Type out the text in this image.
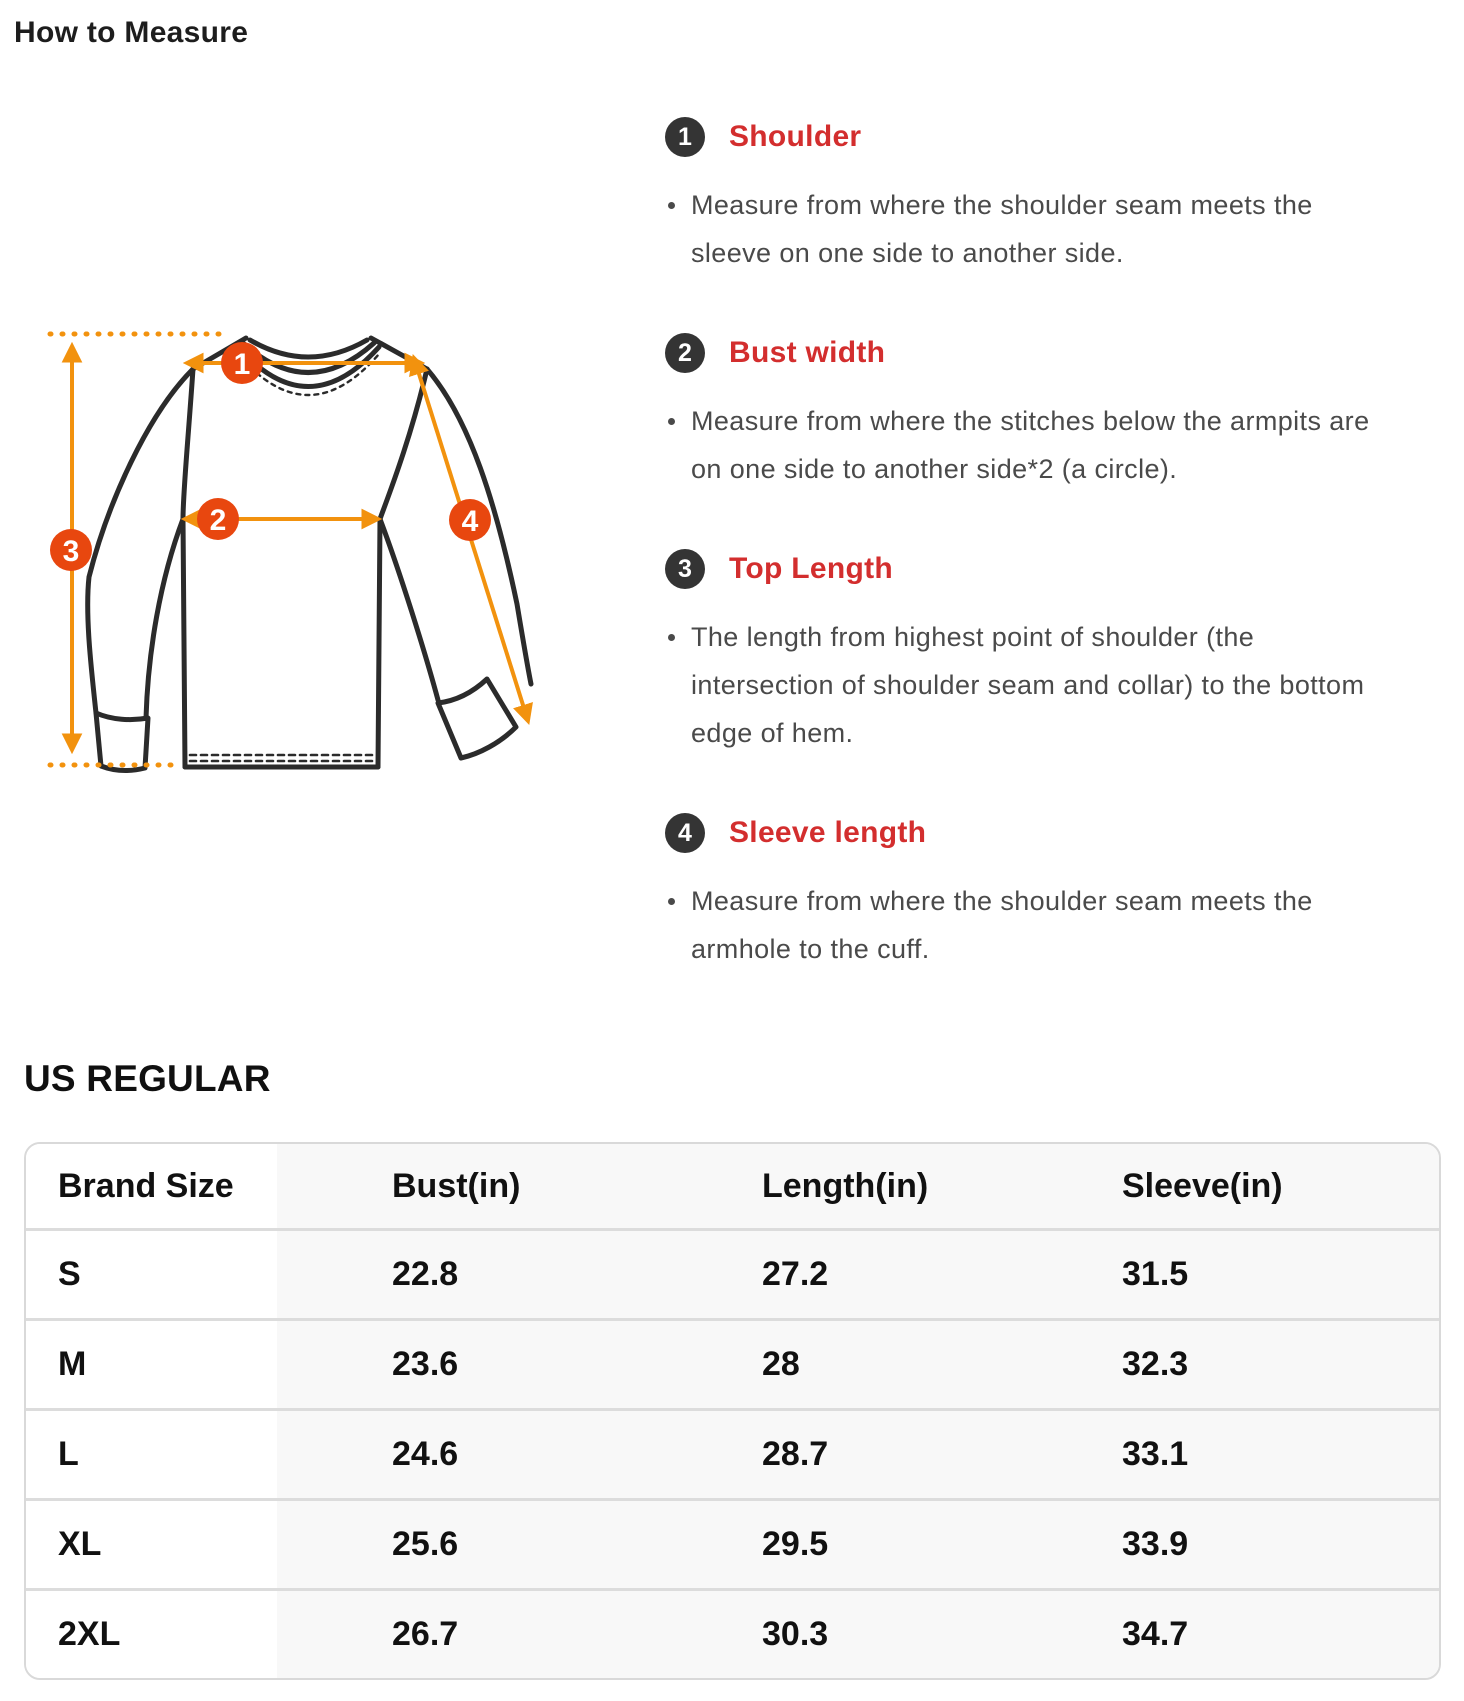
How to Measure
1
2
3
4
1	Shoulder
Measure from where the shoulder seam meets the
sleeve on one side to another side.
2	Bust width
Measure from where the stitches below the armpits are
on one side to another side*2 (a circle).
3	Top Length
The length from highest point of shoulder (the
intersection of shoulder seam and collar) to the bottom
edge of hem.
4	Sleeve length
Measure from where the shoulder seam meets the
armhole to the cuff.
US REGULAR
Brand Size	Bust(in)	Length(in)	Sleeve(in)
S	22.8	27.2	31.5
M	23.6	28	32.3
L	24.6	28.7	33.1
XL	25.6	29.5	33.9
2XL	26.7	30.3	34.7
